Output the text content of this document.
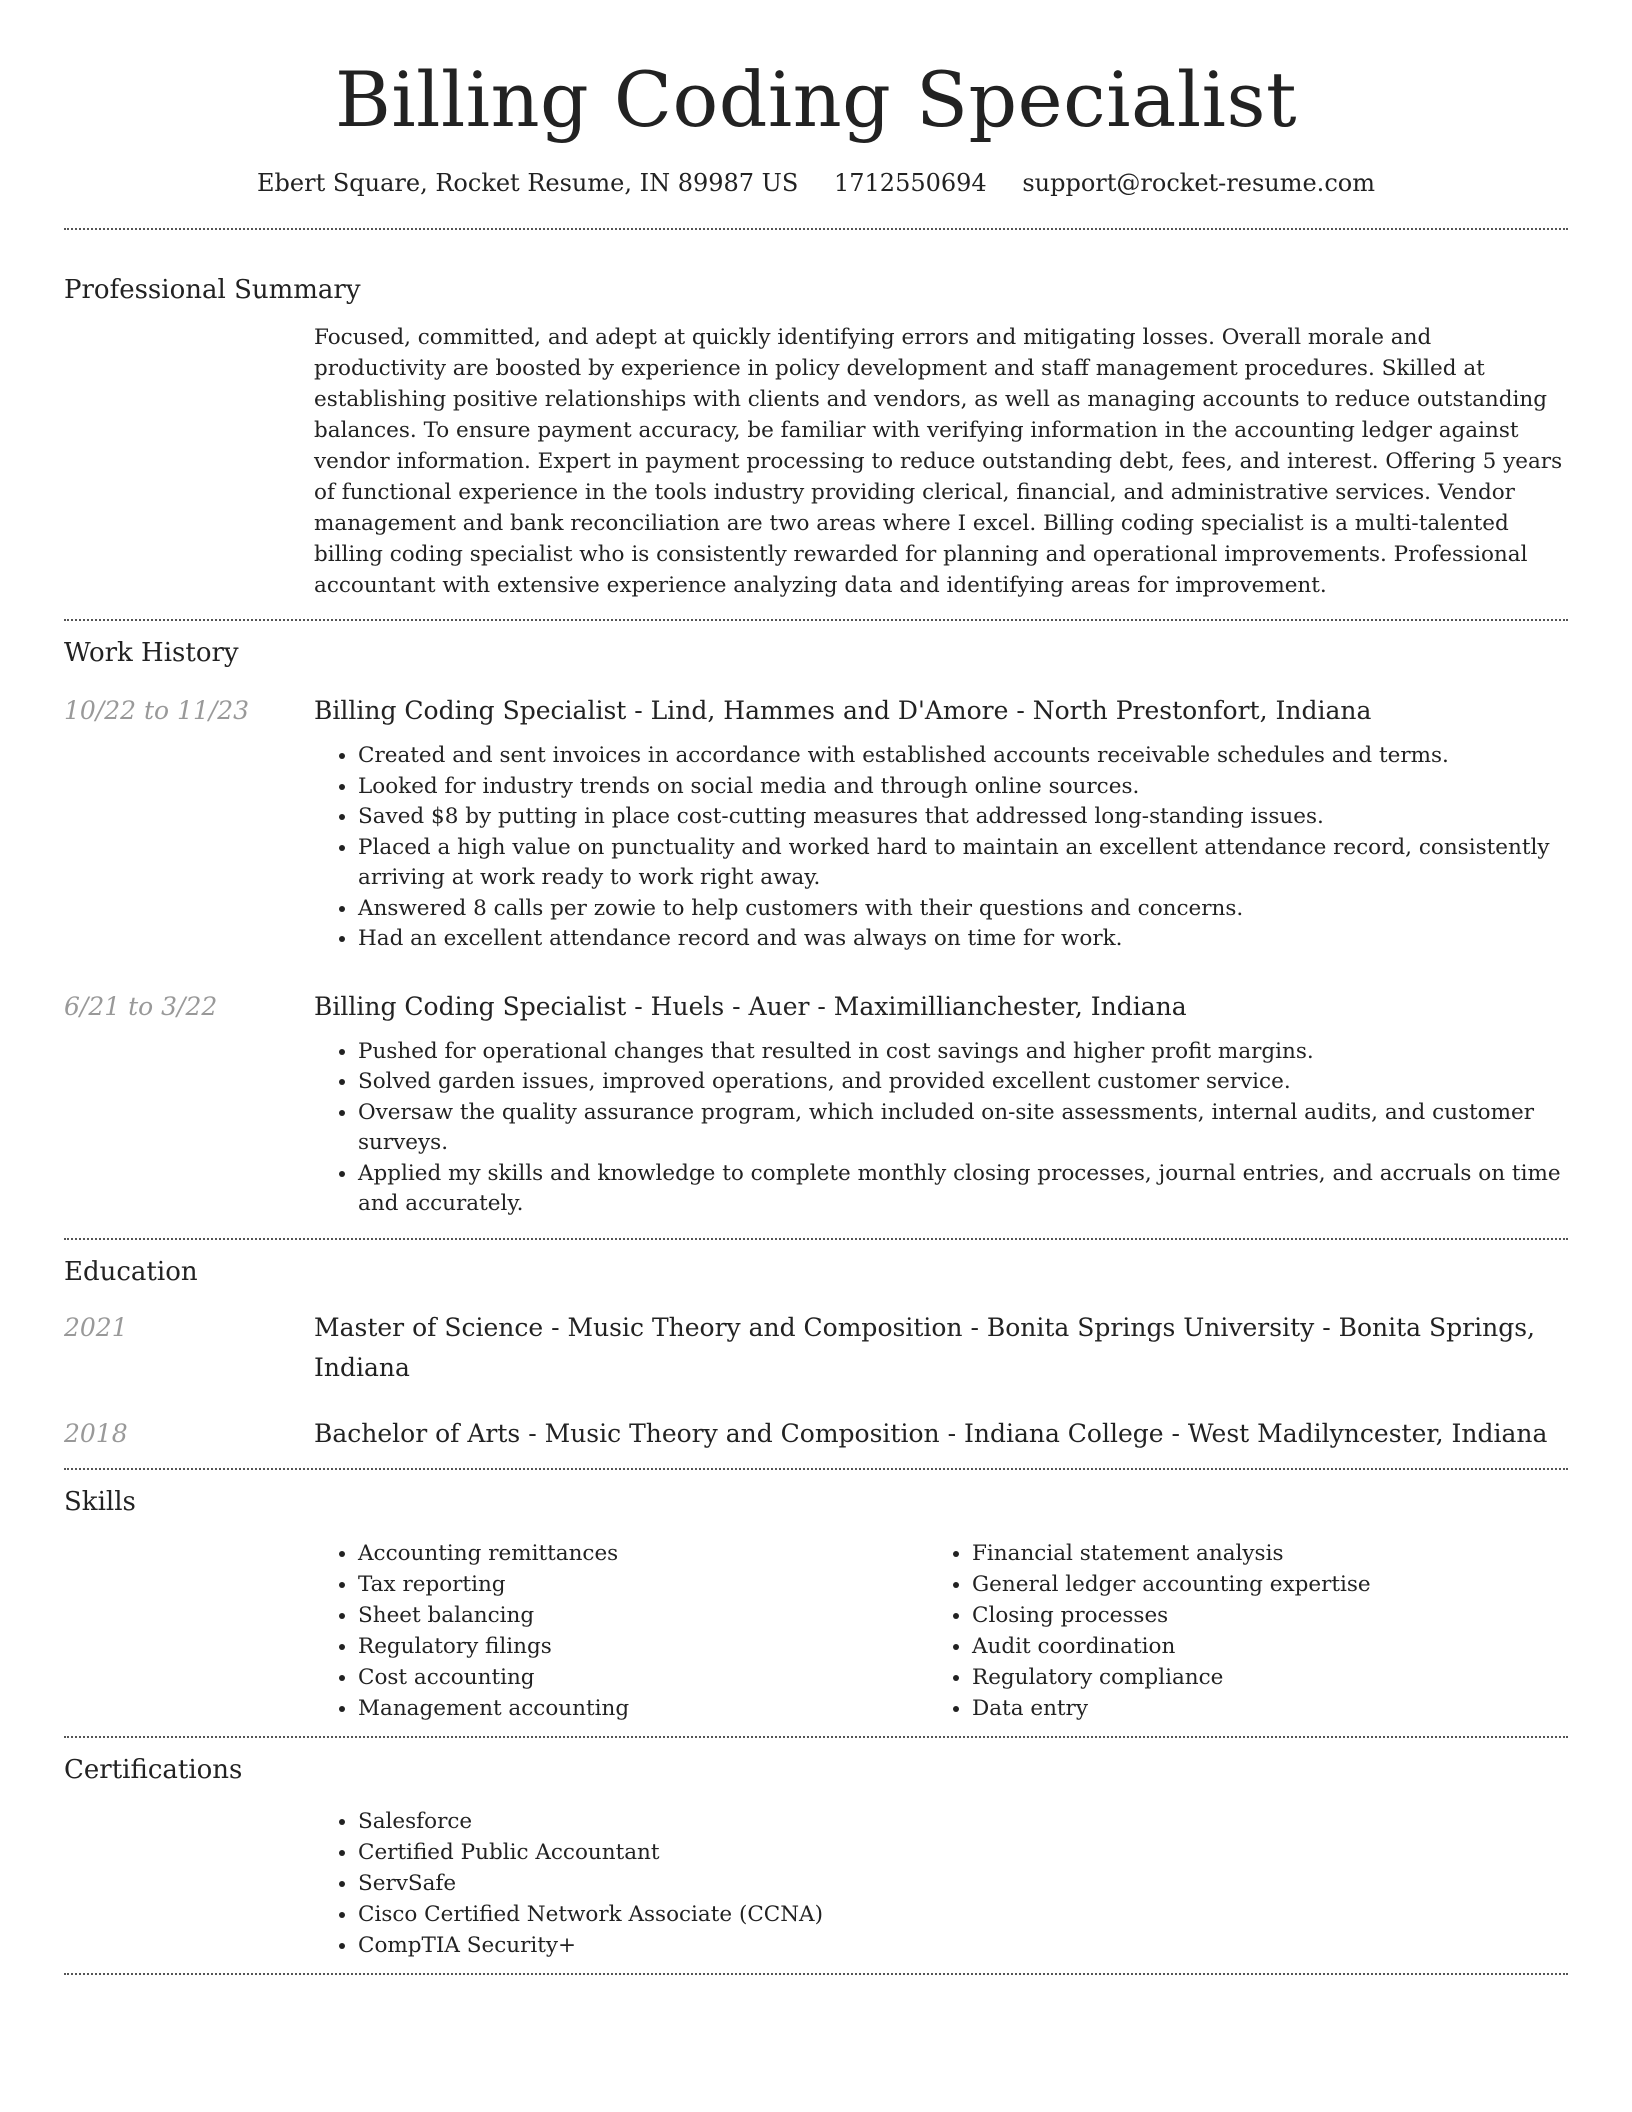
Billing Coding Specialist
Ebert Square, Rocket Resume, IN 89987 US 1712550694 support@rocket-resume.com
Professional Summary

Focused, committed, and adept at quickly identifying errors and mitigating losses. Overall morale and productivity are boosted by experience in policy development and staff management procedures. Skilled at establishing positive relationships with clients and vendors, as well as managing accounts to reduce outstanding balances. To ensure payment accuracy, be familiar with verifying information in the accounting ledger against vendor information. Expert in payment processing to reduce outstanding debt, fees, and interest. Offering 5 years of functional experience in the tools industry providing clerical, financial, and administrative services. Vendor management and bank reconciliation are two areas where I excel. Billing coding specialist is a multi-talented billing coding specialist who is consistently rewarded for planning and operational improvements. Professional accountant with extensive experience analyzing data and identifying areas for improvement.

Work History
10/22 to 11/23	Billing Coding Specialist - Lind, Hammes and D'Amore - North Prestonfort, Indiana
• Created and sent invoices in accordance with established accounts receivable schedules and terms.
• Looked for industry trends on social media and through online sources.
• Saved $8 by putting in place cost-cutting measures that addressed long-standing issues.
• Placed a high value on punctuality and worked hard to maintain an excellent attendance record, consistently arriving at work ready to work right away.
• Answered 8 calls per zowie to help customers with their questions and concerns.
• Had an excellent attendance record and was always on time for work.
6/21 to 3/22	Billing Coding Specialist - Huels - Auer - Maximillianchester, Indiana
• Pushed for operational changes that resulted in cost savings and higher profit margins.
• Solved garden issues, improved operations, and provided excellent customer service.
• Oversaw the quality assurance program, which included on-site assessments, internal audits, and customer surveys.
• Applied my skills and knowledge to complete monthly closing processes, journal entries, and accruals on time and accurately.
Education
2021	Master of Science - Music Theory and Composition - Bonita Springs University - Bonita Springs, Indiana
2018	Bachelor of Arts - Music Theory and Composition - Indiana College - West Madilyncester, Indiana
Skills
• Accounting remittances
• Tax reporting
• Sheet balancing
• Regulatory filings
• Cost accounting
• Management accounting
• Financial statement analysis
• General ledger accounting expertise
• Closing processes
• Audit coordination
• Regulatory compliance
• Data entry
Certifications
• Salesforce
• Certified Public Accountant
• ServSafe
• Cisco Certified Network Associate (CCNA)
• CompTIA Security+
